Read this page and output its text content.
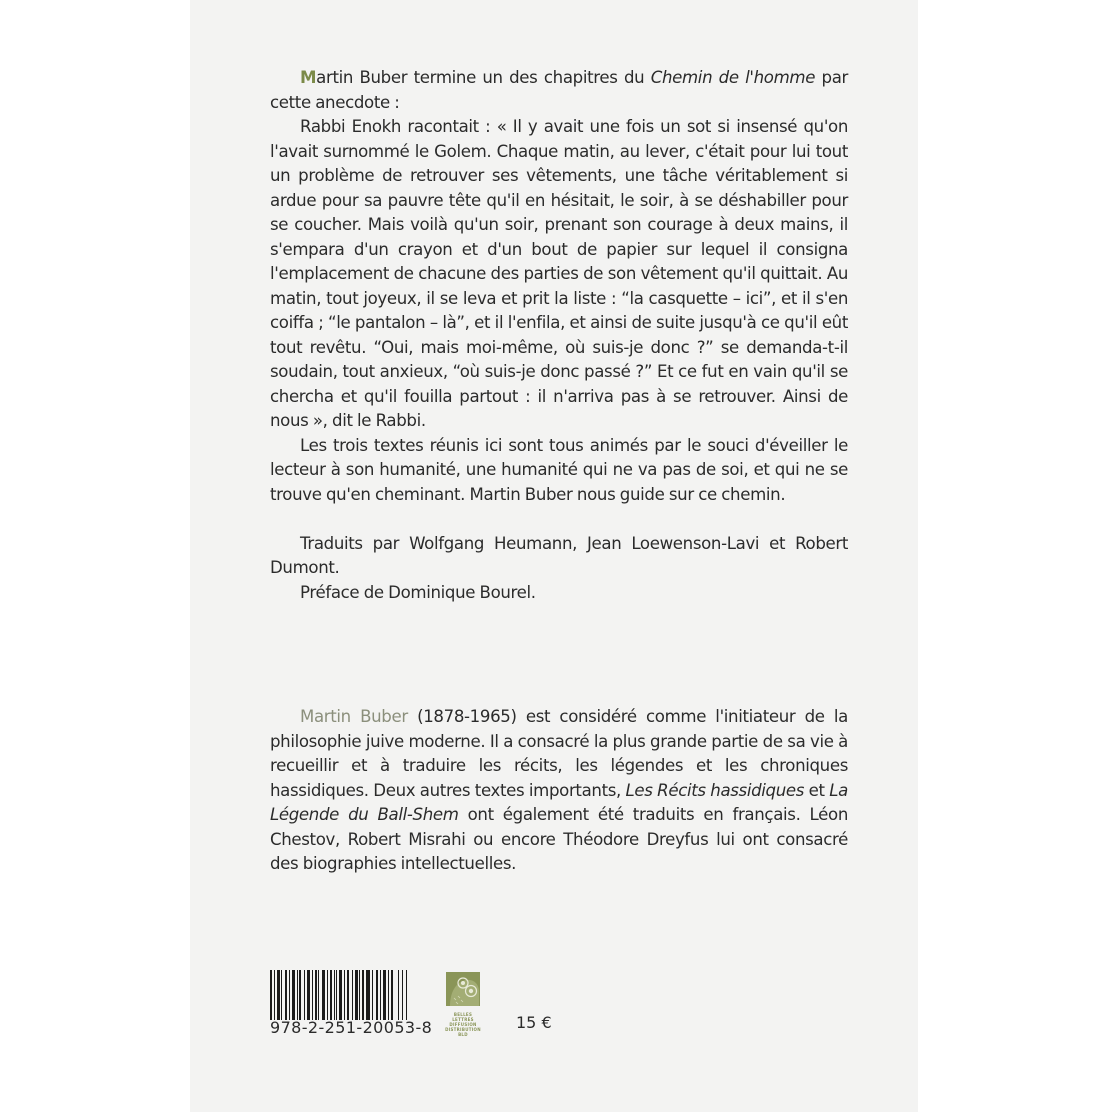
Martin Buber termine un des chapitres du Chemin de l'homme par cette anecdote :

Rabbi Enokh racontait : « Il y avait une fois un sot si insensé qu'on l'avait surnommé le Golem. Chaque matin, au lever, c'était pour lui tout un problème de retrouver ses vêtements, une tâche véritablement si ardue pour sa pauvre tête qu'il en hésitait, le soir, à se déshabiller pour se coucher. Mais voilà qu'un soir, prenant son courage à deux mains, il s'empara d'un crayon et d'un bout de papier sur lequel il consigna l'emplacement de chacune des parties de son vêtement qu'il quittait. Au matin, tout joyeux, il se leva et prit la liste : “la casquette – ici”, et il s'en coiffa ; “le pantalon – là”, et il l'enfila, et ainsi de suite jusqu'à ce qu'il eût tout revêtu. “Oui, mais moi-même, où suis-je donc ?” se demanda-t-il soudain, tout anxieux, “où suis-je donc passé ?” Et ce fut en vain qu'il se chercha et qu'il fouilla partout : il n'arriva pas à se retrouver. Ainsi de nous », dit le Rabbi.

Les trois textes réunis ici sont tous animés par le souci d'éveiller le lecteur à son humanité, une humanité qui ne va pas de soi, et qui ne se trouve qu'en cheminant. Martin Buber nous guide sur ce chemin.

Traduits par Wolfgang Heumann, Jean Loewenson-Lavi et Robert Dumont.

Préface de Dominique Bourel.

Martin Buber (1878-1965) est considéré comme l'initiateur de la philosophie juive moderne. Il a consacré la plus grande partie de sa vie à recueillir et à traduire les récits, les légendes et les chroniques hassidiques. Deux autres textes importants, Les Récits hassidiques et La Légende du Ball-Shem ont également été traduits en français. Léon Chestov, Robert Misrahi ou encore Théodore Dreyfus lui ont consacré des biographies intellectuelles.

978-2-251-20053-8
BELLES LETTRES
DIFFUSION
DISTRIBUTION
BLD
15 €
